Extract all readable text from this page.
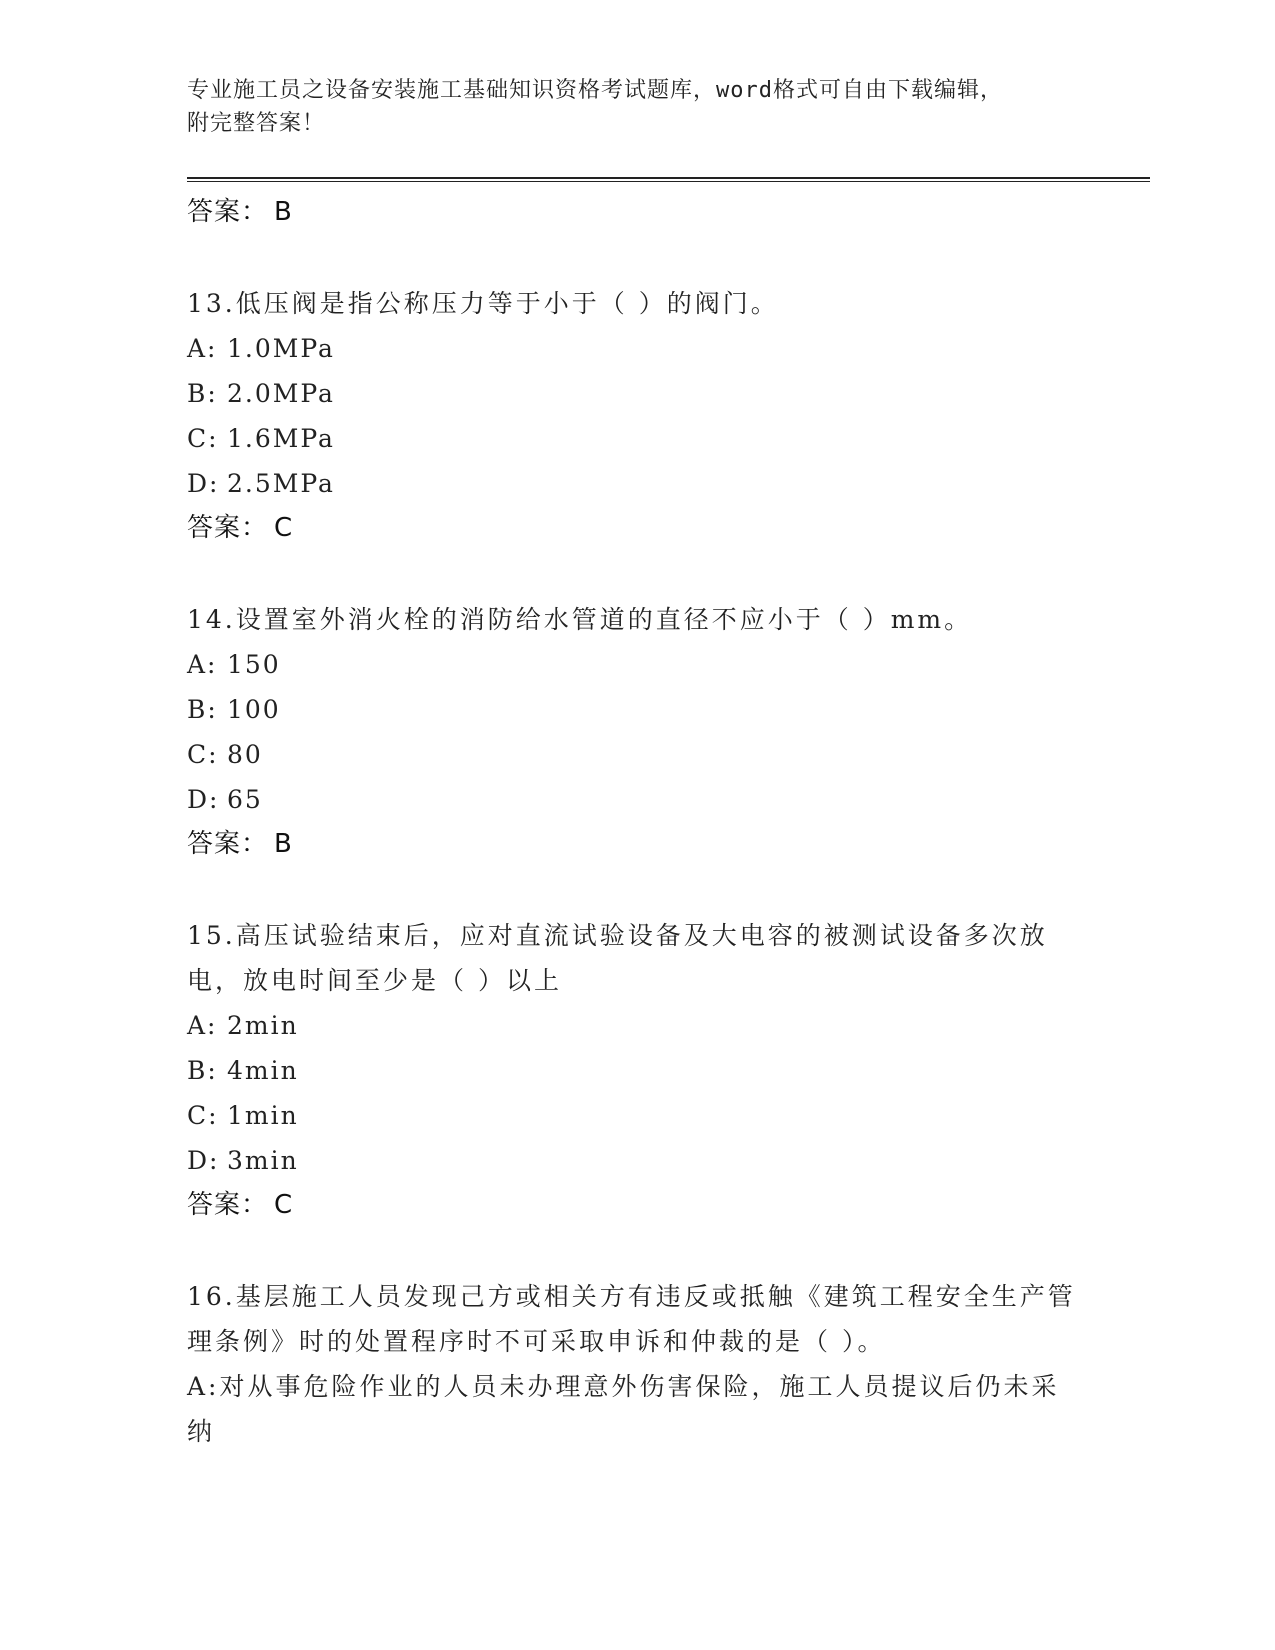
专业施工员之设备安装施工基础知识资格考试题库，word格式可自由下载编辑，
附完整答案！
答案： B
13.低压阀是指公称压力等于小于（ ）的阀门。
A: 1.0MPa
B: 2.0MPa
C: 1.6MPa
D: 2.5MPa
答案： C
14.设置室外消火栓的消防给水管道的直径不应小于（ ）mm。
A: 150
B: 100
C: 80
D: 65
答案： B
15.高压试验结束后，应对直流试验设备及大电容的被测试设备多次放电，放电时间至少是（ ）以上
A: 2min
B: 4min
C: 1min
D: 3min
答案： C
16.基层施工人员发现己方或相关方有违反或抵触《建筑工程安全生产管理条例》时的处置程序时不可采取申诉和仲裁的是（ ）。
A:对从事危险作业的人员未办理意外伤害保险，施工人员提议后仍未采纳
